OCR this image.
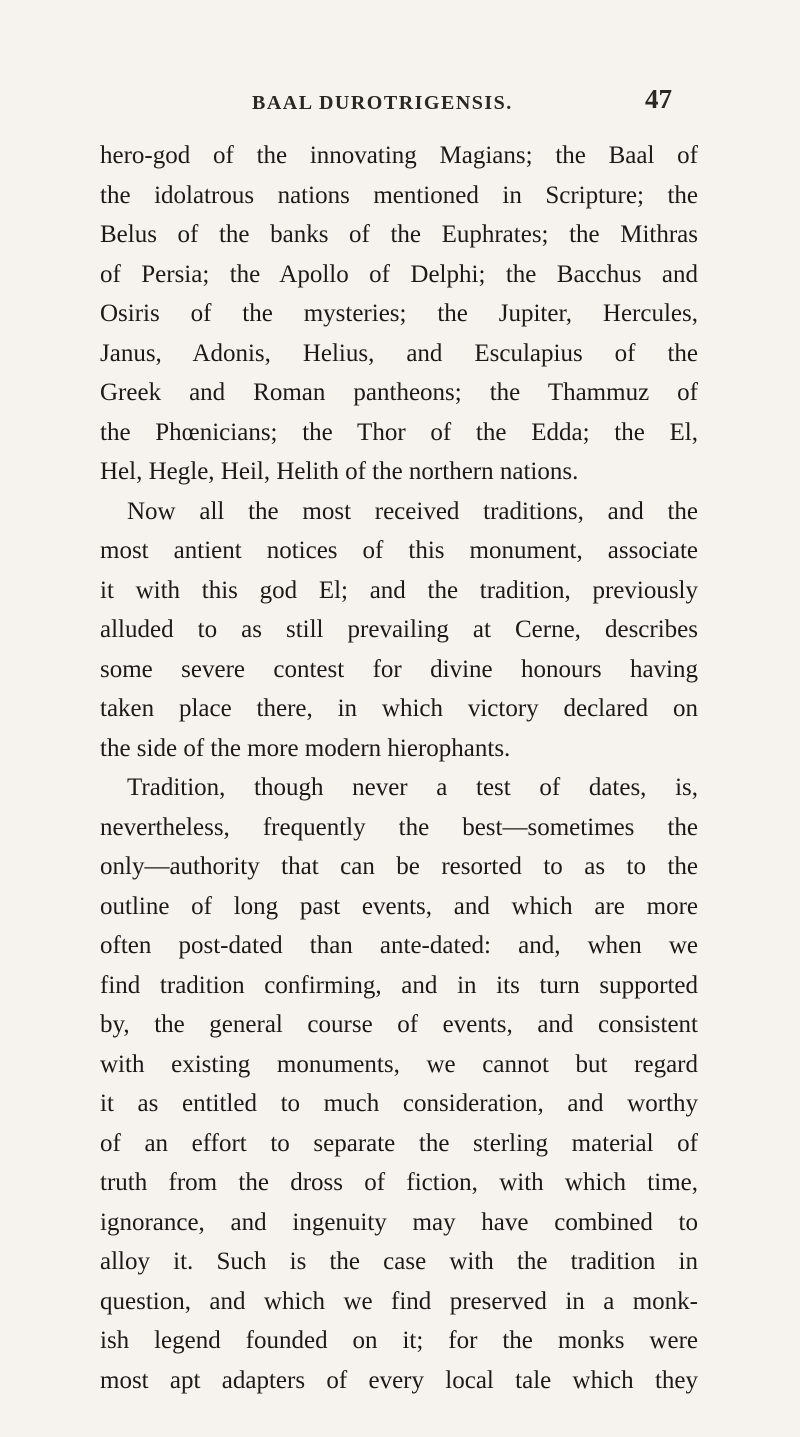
BAAL DUROTRIGENSIS.	47
hero-god of the innovating Magians; the Baal of
the idolatrous nations mentioned in Scripture; the
Belus of the banks of the Euphrates; the Mithras
of Persia; the Apollo of Delphi; the Bacchus and
Osiris of the mysteries; the Jupiter, Hercules,
Janus, Adonis, Helius, and Esculapius of the
Greek and Roman pantheons; the Thammuz of
the Phœnicians; the Thor of the Edda; the El,
Hel, Hegle, Heil, Helith of the northern nations.
Now all the most received traditions, and the
most antient notices of this monument, associate
it with this god El; and the tradition, previously
alluded to as still prevailing at Cerne, describes
some severe contest for divine honours having
taken place there, in which victory declared on
the side of the more modern hierophants.
Tradition, though never a test of dates, is,
nevertheless, frequently the best—sometimes the
only—authority that can be resorted to as to the
outline of long past events, and which are more
often post-dated than ante-dated: and, when we
find tradition confirming, and in its turn supported
by, the general course of events, and consistent
with existing monuments, we cannot but regard
it as entitled to much consideration, and worthy
of an effort to separate the sterling material of
truth from the dross of fiction, with which time,
ignorance, and ingenuity may have combined to
alloy it. Such is the case with the tradition in
question, and which we find preserved in a monk-
ish legend founded on it; for the monks were
most apt adapters of every local tale which they
